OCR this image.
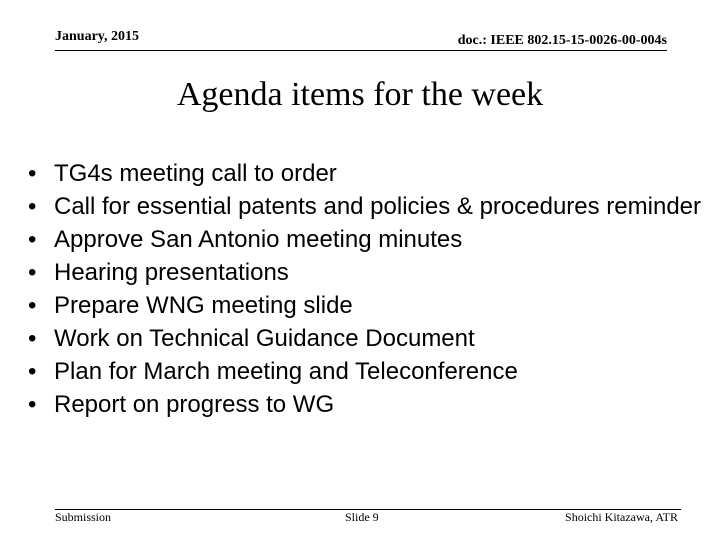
January, 2015	doc.: IEEE 802.15-15-0026-00-004s
Agenda items for the week
• TG4s meeting call to order
• Call for essential patents and policies & procedures reminder
• Approve San Antonio meeting minutes
• Hearing presentations
• Prepare WNG meeting slide
• Work on Technical Guidance Document
• Plan for March meeting and Teleconference
• Report on progress to WG
Submission	Slide 9	Shoichi Kitazawa, ATR
